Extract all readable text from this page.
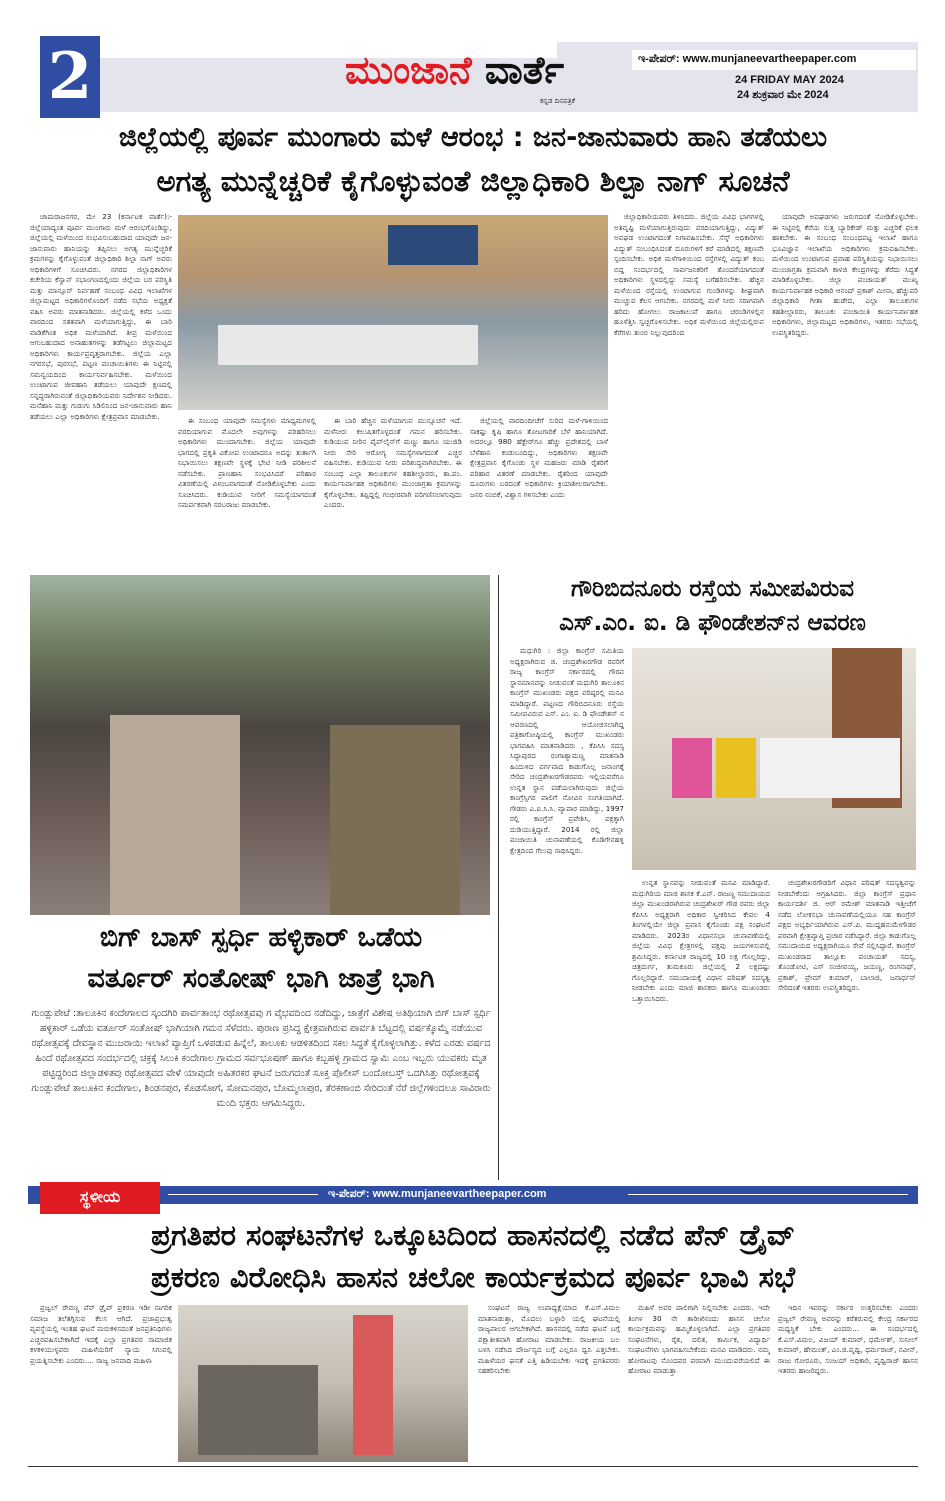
2	ಮುಂಜಾನೆ ವಾರ್ತೆ
ಕನ್ನಡ ದಿನಪತ್ರಿಕೆ
ಇ-ಪೇಪರ್: www.munjaneevartheepaper.com
24 FRIDAY MAY 2024
24 ಶುಕ್ರವಾರ ಮೇ 2024
ಜಿಲ್ಲೆಯಲ್ಲಿ ಪೂರ್ವ ಮುಂಗಾರು ಮಳೆ ಆರಂಭ : ಜನ-ಜಾನುವಾರು ಹಾನಿ ತಡೆಯಲು
ಅಗತ್ಯ ಮುನ್ನೆಚ್ಚರಿಕೆ ಕೈಗೊಳ್ಳುವಂತೆ ಜಿಲ್ಲಾಧಿಕಾರಿ ಶಿಲ್ಪಾ ನಾಗ್ ಸೂಚನೆ

ಚಾಮರಾಜನಗರ, ಮೇ 23 (ಕರ್ನಾಟಕ ವಾರ್ತೆ):- ಜಿಲ್ಲೆಯಾದ್ಯಂತ ಪೂರ್ವ ಮುಂಗಾರು ಮಳೆ ಆರಂಭಗೊಂಡಿದ್ದು, ಜಿಲ್ಲೆಯಲ್ಲಿ ಮಳೆಯಿಂದ ಸಂಭವಿಸುಬಹುದಾದ ಯಾವುದೇ ಜನ-ಜಾನುವಾರು ಹಾನಿಯನ್ನು ತಪ್ಪಿಸಲು ಅಗತ್ಯ ಮುನ್ನೆಚ್ಚರಿಕೆ ಕ್ರಮಗಳನ್ನು ಕೈಗೊಳ್ಳುವಂತೆ ಜಿಲ್ಲಾಧಿಕಾರಿ ಶಿಲ್ಪಾ ನಾಗ್ ಅವರು ಅಧಿಕಾರಿಗಳಿಗೆ ಸೂಚಿಸಿದರು. ನಗರದ ಜಿಲ್ಲಾಧಿಕಾರಿಗಳ ಕಚೇರಿಯ ಕೆಸ್ವಾನ್ ಸಭಾಂಗಣದಲ್ಲಿಂದು ಜಿಲ್ಲೆಯ ಬರ ಪರಿಸ್ಥಿತಿ ಮತ್ತು ಮಾನ್ಸೂನ್ ನಿರ್ವಹಣೆ ಸಂಬಂಧ ವಿವಿಧ ಇಲಾಖೆಗಳ ಜಿಲ್ಲಾಮಟ್ಟದ ಅಧಿಕಾರಿಗಳೊಂದಿಗೆ ನಡೆದ ಸಭೆಯ ಅಧ್ಯಕ್ಷತೆ ವಹಿಸಿ ಅವರು ಮಾತನಾಡಿದರು. ಜಿಲ್ಲೆಯಲ್ಲಿ ಕಳೆದ ಒಂದು ವಾರದಿಂದ ಸತತವಾಗಿ ಮಳೆಯಾಗುತ್ತಿದ್ದು, ಈ ಬಾರಿ ವಾಡಿಕೆಗಿಂತ ಅಧಿಕ ಮಳೆಯಾಗಿದೆ. ತೀವ್ರ ಮಳೆಯಿಂದ ಆಗುಬಹುದಾದ ಅನಾಹುತಗಳನ್ನು ತಡೆಗಟ್ಟಲು ಜಿಲ್ಲಾಮಟ್ಟದ ಅಧಿಕಾರಿಗಳು ಕಾರ್ಯಪ್ರವೃತ್ತರಾಗಬೇಕು. ಜಿಲ್ಲೆಯ ಎಲ್ಲಾ ನಗರಸಭೆ, ಪುರಸಭೆ, ಪಟ್ಟಣ ಪಂಚಾಯಿತಿಗಳು ಈ ನಿಟ್ಟಿನಲ್ಲಿ ಸಮನ್ವಯದಿಂದ ಕಾರ್ಯನಿರ್ವಹಿಸಬೇಕು. ಮಳೆಯಿಂದ ಉಂಟಾಗುವ ಜೀವಹಾನಿ ತಡೆಯಲು ಯಾವುದೇ ಕ್ಷಣದಲ್ಲಿ ಸನ್ನದ್ಧರಾಗಿರುವಂತೆ ಜಿಲ್ಲಾಧಿಕಾರಿಯವರು ನಿರ್ದೇಶನ ನೀಡಿದರು. ಮನೆಹಾನಿ ಮತ್ತು ಗುಡುಗು ಸಿಡಿಲಿನಿಂದ ಜನ-ಜಾನುವಾರು ಹಾನಿ ತಡೆಯಲು ಎಲ್ಲಾ ಅಧಿಕಾರಿಗಳು ಕ್ಷೇತ್ರಪ್ರವಾಸ ಮಾಡಬೇಕು.	ಈ ಸಂಬಂಧ ಯಾವುದೇ ಸಮಸ್ಯೆಗಳು ಮಾಧ್ಯಮಗಳಲ್ಲಿ ವರದಿಯಾಗುವ ಮೊದಲೇ ಅವುಗಳನ್ನು ಪರಿಹರಿಸಲು ಅಧಿಕಾರಿಗಳು ಮುಂದಾಗಬೇಕು. ಜಿಲ್ಲೆಯ ಯಾವುದೇ ಭಾಗದಲ್ಲಿ ಪ್ರಕೃತಿ ವಿಕೋಪ ಉಂಟಾದರೂ ಅದನ್ನು ತುರ್ತಾಗಿ ನಿಭಾಯಿಸಲು ತಕ್ಷಣವೇ ಸ್ಥಳಕ್ಕೆ ಭೇಟಿ ನೀಡಿ ಪರಿಶೀಲನೆ ನಡೆಸಬೇಕು. ಪ್ರಾಣಹಾನಿ ಸಂಭವಿಸಿದರೆ ಪರಿಹಾರ ವಿತರಣೆಯಲ್ಲಿ ವಿಳಂಬವಾಗದಂತೆ ನೋಡಿಕೊಳ್ಳಬೇಕು ಎಂದು ಸೂಚಿಸಿದರು. ಕುಡಿಯುವ ನೀರಿಗೆ ಸಮಸ್ಯೆಯಾಗದಂತೆ ಸಮರ್ಪಕವಾಗಿ ಸರಬರಾಜು ಮಾಡಬೇಕು.

ಈ ಬಾರಿ ಹೆಚ್ಚಿನ ಮಳೆಯಾಗುವ ಮುನ್ಸೂಚನೆ ಇದೆ. ಮಳೆನೀರು ಕಲುಷಿತಗೊಳ್ಳದಂತೆ ಗಮನ ಹರಿಸಬೇಕು. ಕುಡಿಯುವ ನೀರಿನ ಪೈಪ್‌ಲೈನ್‌ಗೆ ಮಣ್ಣು ಹಾಗೂ ಯುಜಿಡಿ ನೀರು ಸೇರಿ ಆರೋಗ್ಯ ಸಮಸ್ಯೆಗಳಾಗದಂತೆ ಎಚ್ಚರ ವಹಿಸಬೇಕು. ಕುಡಿಯುವ ನೀರು ಪರಿಶುದ್ಧವಾಗಿರಬೇಕು. ಈ ಸಂಬಂಧ ಎಲ್ಲಾ ತಾಲೂಕುಗಳ ತಹಶೀಲ್ದಾರರು, ತಾ.ಪಂ. ಕಾರ್ಯನಿರ್ವಾಹಕ ಅಧಿಕಾರಿಗಳು ಮುಂಜಾಗ್ರತಾ ಕ್ರಮಗಳನ್ನು ಕೈಗೊಳ್ಳಬೇಕು. ತಪ್ಪಿದ್ದಲ್ಲಿ ಗಂಭೀರವಾಗಿ ಪರಿಗಣಿಸಲಾಗುವುದು ಎಂದರು.

ಜಿಲ್ಲೆಯಲ್ಲಿ ವಾರದಿಂದೀಚೆಗೆ ಸುರಿದ ಮಳೆ-ಗಾಳಿಯಿಂದ ಸಾಕಷ್ಟು ಕೃಷಿ ಹಾಗೂ ತೋಟಗಾರಿಕೆ ಬೆಳೆ ಹಾನಿಯಾಗಿದೆ. ಅದರಲ್ಲೂ 980 ಹೆಕ್ಟೇರ್‌ಗೂ ಹೆಚ್ಚು ಪ್ರದೇಶದಲ್ಲಿ ಬಾಳೆ ಬೆಳೆಹಾನಿ ಕಂಡುಬಂದಿದ್ದು, ಅಧಿಕಾರಿಗಳು ತಕ್ಷಣವೇ ಕ್ಷೇತ್ರಪ್ರವಾಸ ಕೈಗೊಂಡು ಸ್ಥಳ ಮಹಜರು ಮಾಡಿ ರೈತರಿಗೆ ಪರಿಹಾರ ವಿತರಣೆ ಮಾಡಬೇಕು. ರೈತರಿಂದ ಯಾವುದೇ ದೂರುಗಳು ಬರದಂತೆ ಅಧಿಕಾರಿಗಳು ಕ್ರಿಯಾಶೀಲರಾಗಬೇಕು. ಜನರ ನಂಬಿಕೆ, ವಿಶ್ವಾಸ ಗಳಿಸಬೇಕು ಎಂದು

ಜಿಲ್ಲಾಧಿಕಾರಿಯವರು ತಿಳಿಸಿದರು. ಜಿಲ್ಲೆಯ ವಿವಿಧ ಭಾಗಗಳಲ್ಲಿ ಅತಿವೃಷ್ಟಿ ಮಳೆಯಾಗುತ್ತಿರುವುದು ವರದಿಯಾಗುತ್ತಿದ್ದು, ವಿದ್ಯುತ್ ಅವಘಡ ಉಂಟಾಗದಂತೆ ನಿಗಾವಹಿಸಬೇಕು. ಸೆಸ್ಕ್ ಅಧಿಕಾರಿಗಳು ವಿದ್ಯುತ್ ಸಂಬಂಧಿಸಿದಂತೆ ದೂರುಗಳಿಗೆ ಕರೆ ಮಾಡಿದಲ್ಲಿ ತಕ್ಷಣವೇ ಸ್ಪಂದಿಸಬೇಕು. ಅಧಿಕ ಮಳೆಗಾಳಿಯಿಂದ ರಸ್ತೆಗಳಲ್ಲಿ ವಿದ್ಯುತ್ ಕಂಬ ಬಿದ್ದ ಸಂದರ್ಭದಲ್ಲಿ ಸಾರ್ವಜನಿಕರಿಗೆ ತೊಂದರೆಯಾಗದಂತೆ ಅಧಿಕಾರಿಗಳು ಸ್ಥಳದಲ್ಲಿದ್ದು ಸಮಸ್ಯೆ ಬಗೆಹರಿಸಬೇಕು. ಹೆಚ್ಚಿನ ಮಳೆಯಿಂದ ರಸ್ತೆಯಲ್ಲಿ ಉಂಟಾಗುವ ಗುಂಡಿಗಳನ್ನು ಶೀಘ್ರವಾಗಿ ಮುಚ್ಚುವ ಕೆಲಸ ಆಗಬೇಕು. ನಗರದಲ್ಲಿ ಮಳೆ ನೀರು ಸರಾಗವಾಗಿ ಹರಿದು ಹೋಗಲು ರಾಜಕಾಲುವೆ ಹಾಗೂ ಚರಂಡಿಗಳಲ್ಲಿನ ಹೂಳೆತ್ತಿಸಿ ಸ್ವಚ್ಛಗೊಳಿಸಬೇಕು. ಅಧಿಕ ಮಳೆಯಿಂದ ಜಿಲ್ಲೆಯಲ್ಲಿರುವ ಕೆರೆಗಳು ತುಂಬಿ ನಿಲ್ಲುವುದರಿಂದ

ಯಾವುದೇ ಅವಘಡಗಳು ಜರುಗದಂತೆ ನೋಡಿಕೊಳ್ಳಬೇಕು. ಈ ನಿಟ್ಟಿನಲ್ಲಿ ಕೆರೆಯ ಸುತ್ತ ಬ್ಯಾರಿಕೇಡ್ ಮತ್ತು ಎಚ್ಚರಿಕೆ ಫಲಕ ಹಾಕಬೇಕು. ಈ ಸಂಬಂಧ ಸಂಬಂಧಪಟ್ಟ ಇಲಾಖೆ ಹಾಗೂ ಭೂವಿಜ್ಞಾನ ಇಲಾಖೆಯ ಅಧಿಕಾರಿಗಳು ಕ್ರಮವಹಿಸಬೇಕು. ಮಳೆಯಿಂದ ಉಂಟಾಗುವ ಪ್ರವಾಹ ಪರಿಸ್ಥಿತಿಯನ್ನು ನಿಭಾಯಿಸಲು ಮುಂಜಾಗ್ರತಾ ಕ್ರಮವಾಗಿ ಕಾಳಜಿ ಕೇಂದ್ರಗಳನ್ನು ತೆರೆದು ಸಿದ್ಧತೆ ಮಾಡಿಕೊಳ್ಳಬೇಕು. ಜಿಲ್ಲಾ ಪಂಚಾಯತ್ ಮುಖ್ಯ ಕಾರ್ಯನಿರ್ವಾಹಕ ಅಧಿಕಾರಿ ಆನಂದ್ ಪ್ರಕಾಶ್ ಮೀನಾ, ಹೆಚ್ಚುವರಿ ಜಿಲ್ಲಾಧಿಕಾರಿ ಗೀತಾ ಹುಡೇದ, ಎಲ್ಲಾ ತಾಲೂಕುಗಳ ತಹಶೀಲ್ದಾರರು, ತಾಲೂಕು ಪಂಚಾಯಿತಿ ಕಾರ್ಯನಿರ್ವಾಹಕ ಅಧಿಕಾರಿಗಳು, ಜಿಲ್ಲಾಮಟ್ಟದ ಅಧಿಕಾರಿಗಳು, ಇತರರು ಸಭೆಯಲ್ಲಿ ಉಪಸ್ಥಿತರಿದ್ದರು.

ಬಿಗ್ ಬಾಸ್ ಸ್ಪರ್ಧಿ ಹಳ್ಳಿಕಾರ್ ಒಡೆಯ
ವರ್ತೂರ್ ಸಂತೋಷ್ ಭಾಗಿ ಜಾತ್ರೆ ಭಾಗಿ

ಗುಂಡ್ಲುಪೇಟೆ :ತಾಲೂಕಿನ ಕಂದೇಗಾಲದ ಸ್ಕಂದಗಿರಿ ಪಾರ್ವತಾಂಭ ರಥೋತ್ಸವವು ಗ ವೈಭವದಿಂದ ನಡೆದಿದ್ದು, ಜಾತ್ರೆಗೆ ವಿಶೇಷ ಅತಿಥಿಯಾಗಿ ಬಿಗ್ ಬಾಸ್ ಸ್ಪರ್ಧಿ ಹಳ್ಳಿಕಾರ್ ಒಡೆಯ ವರ್ತೂರ್ ಸಂತೋಷ್ ಭಾಗಿಯಾಗಿ ಗಮನ ಸೆಳೆದರು. ಪುರಾಣ ಪ್ರಸಿದ್ಧ ಕ್ಷೇತ್ರವಾಗಿರುವ ಪಾರ್ವತಿ ಬೆಟ್ಟದಲ್ಲಿ ವರ್ಷಕ್ಕೊಮ್ಮೆ ನಡೆಯುವ ರಥೋತ್ಸವಕ್ಕೆ ದೇವಸ್ಥಾನ ಮುಜರಾಯಿ ಇಲಾಖೆ ವ್ಯಾಪ್ತಿಗೆ ಒಳಪಡುವ ಹಿನ್ನೆಲೆ, ತಾಲೂಕು ಆಡಳಿತದಿಂದ ಸಕಲ ಸಿದ್ಧತೆ ಕೈಗೊಳ್ಳಲಾಗಿತ್ತು. ಕಳೆದ ಎರಡು ವರ್ಷದ ಹಿಂದೆ ರಥೋತ್ಸವದ ಸಂದರ್ಭದಲ್ಲಿ ಚಕ್ರಕ್ಕೆ ಸಿಲುಕಿ ಕಂದೇಗಾಲ ಗ್ರಾಮದ ಸರ್ವಭೂಷಣ್ ಹಾಗೂ ಕಬ್ಬಹಳ್ಳಿ ಗ್ರಾಮದ ಸ್ವಾಮಿ ಎಂಬ ಇಬ್ಬರು ಯುವಕರು ಮೃತ ಪಟ್ಟಿದ್ದರಿಂದ ಜಿಲ್ಲಾಡಳಿತವು ರಥೋತ್ಸವದ ವೇಳೆ ಯಾವುದೇ ಅಹಿತರಕರ ಘಟನೆ ಜರುಗದಂತೆ ಸೂಕ್ತ ಪೊಲೀಸ್ ಬಂದೋಬಸ್ತ್ ಒದಗಿಸಿತ್ತು ರಥೋತ್ಸವಕ್ಕೆ ಗುಂಡ್ಲುಪೇಟೆ ತಾಲೂಕಿನ ಕಂದೇಗಾಲ, ಶಿಂಡನಪುರ, ಕೊಡಸೋಗೆ, ಸೋಮನಪುರ, ಬೊಮ್ಮಲಾಪುರ, ತೆರಕಣಾಂಬಿ ಸೇರಿದಂತೆ ನೆರೆ ಜಿಲ್ಲೆಗಳಿಂದಲೂ ಸಾವಿರಾರು ಮಂದಿ ಭಕ್ತರು ಆಗಮಿಸಿದ್ದರು.

ಗೌರಿಬಿದನೂರು ರಸ್ತೆಯ ಸಮೀಪವಿರುವ
ಎಸ್.ಎಂ. ಐ. ಡಿ ಫೌಂಡೇಶನ್‌ನ ಆವರಣ

ಮಧುಗಿರಿ : ಜಿಲ್ಲಾ ಕಾಂಗ್ರೆಸ್ ಸಮಿತಿಯ ಅಧ್ಯಕ್ಷರಾಗಿರುವ ಜಿ. ಚಂದ್ರಶೇಖರಗೌಡ ರವರಿಗೆ ರಾಜ್ಯ ಕಾಂಗ್ರೆಸ್ ಸರ್ಕಾರದಲ್ಲಿ ಗೌರವ ಸ್ಥಾನಮಾನವನ್ನು ನೀಡುವಂತೆ ಮಧುಗಿರಿ ತಾಲೂಕಿನ ಕಾಂಗ್ರೆಸ್ ಮುಖಂಡರು ಪಕ್ಷದ ವರಿಷ್ಠರಲ್ಲಿ ಮನವಿ ಮಾಡಿದ್ದಾರೆ. ಪಟ್ಟಣದ ಗೌರಿಬಿದನೂರು ರಸ್ತೆಯ ಸಮೀಪವಿರುವ ಎಸ್. ಎಂ. ಐ. ಡಿ ಫೌಂಡೇಶನ್ ನ ಆವರಣದಲ್ಲಿ ಆಯೋಜಿಸಲಾಗಿದ್ದ ಪತ್ರಿಕಾಗೋಷ್ಠಿಯಲ್ಲಿ ಕಾಂಗ್ರೆಸ್ ಮುಖಂಡರು ಭಾಗವಹಿಸಿ ಮಾತನಾಡಿದರು , ಕೆಪಿಸಿಸಿ ಸದಸ್ಯ ಸಿದ್ದಾಪುರದ ರಂಗಾಶ್ಯಾಮಣ್ಣ ಮಾತನಾಡಿ ಹಿಂದುಳಿದ ವರ್ಗವಾದ ಕಾಡುಗೊಲ್ಲ ಜನಾಂಗಕ್ಕೆ ಸೇರಿದ ಚಂದ್ರಶೇಖರಗೌಡರವರು ಇಲ್ಲಿಯವರೆಗೂ ಉನ್ನತ ಸ್ಥಾನ ಪಡೆಯಲಾಗಿರುವುದು ಜಿಲ್ಲೆಯ ಕಾಂಗ್ರೆಸ್ಸಿಗರ ಪಾಲಿಗೆ ನೋವಿನ ಸಂಗತಿಯಾಗಿದೆ. ಗೌಡರು ಎ.ಐ.ಸಿ.ಸಿ. ವ್ಯಾಪಾರ ಮಾಡಿದ್ದು, 1997 ರಲ್ಲಿ ಕಾಂಗ್ರೆಸ್ ಪ್ರವೇಶಿಸಿ, ಪಕ್ಷಕ್ಕಾಗಿ ದುಡಿಯುತ್ತಿದ್ದಾರೆ. 2014 ರಲ್ಲಿ ಜಿಲ್ಲಾ ಪಂಚಾಯಿತಿ ಚುನಾವಣೆಯಲ್ಲಿ ಕೊಡಿಗೇನಹಳ್ಳಿ ಕ್ಷೇತ್ರದಿಂದ ಗೆಲುವು ಸಾಧಿಸಿದ್ದರು.

ಉನ್ನತ ಸ್ಥಾನವನ್ನು ನೀಡುವಂತೆ ಮನವಿ ಮಾಡಿದ್ದಾರೆ. ಮಧುಗಿರಿಯ ಮಾಜಿ ಶಾಸಕ ಕೆ.ಎನ್. ರಾಜಣ್ಣ ಸಮುದಾಯದ ಜಿಲ್ಲಾ ಮುಖಂಡರಾಗಿರುವ ಚಂದ್ರಶೇಖರ್ ಗೌಡ ರವರು ಜಿಲ್ಲಾ ಕೆಪಿಸಿಸಿ ಅಧ್ಯಕ್ಷರಾಗಿ ಅಧಿಕಾರ ಸ್ವೀಕರಿಸಿದ ಕೇವಲ 4 ತಿಂಗಳಲ್ಲಿಯೇ ಜಿಲ್ಲಾ ಪ್ರವಾಸ ಕೈಗೊಂಡು ಪಕ್ಷ ಸಂಘಟನೆ ಮಾಡಿದರು. 2023ರ ವಿಧಾನಸಭಾ ಚುನಾವಣೆಯಲ್ಲಿ ಜಿಲ್ಲೆಯ ವಿವಿಧ ಕ್ಷೇತ್ರಗಳಲ್ಲಿ ಪಕ್ಷವು ಜಯಗಳಿಸುವಲ್ಲಿ ಶ್ರಮಿಸಿದ್ದರು. ಕರ್ನಾಟಕ ರಾಜ್ಯದಲ್ಲಿ 10 ಲಕ್ಷ ಗೊಲ್ಲರಿದ್ದು, ಚಿತ್ರದುರ್ಗ, ತುಮಕೂರು ಜಿಲ್ಲೆಯಲ್ಲಿ 2 ಲಕ್ಷದಷ್ಟು ಗೊಲ್ಲರಿದ್ದಾರೆ. ಸಮುದಾಯಕ್ಕೆ ವಿಧಾನ ಪರಿಷತ್ ಸದಸ್ಯತ್ವ ನೀಡಬೇಕು ಎಂದು ಮಾಜಿ ಶಾಸಕರು ಹಾಗೂ ಮುಖಂಡರು ಒತ್ತಾಯಿಸಿದರು.

ಚಂದ್ರಶೇಖರಗೌಡರಿಗೆ ವಿಧಾನ ಪರಿಷತ್ ಸದಸ್ಯತ್ವವನ್ನು ನೀಡಬೇಕೆಂದು ಆಗ್ರಹಿಸಿದರು. ಜಿಲ್ಲಾ ಕಾಂಗ್ರೆಸ್ ಪ್ರಧಾನ ಕಾರ್ಯದರ್ಶಿ ಜಿ. ಆರ್ ರಮೇಶ್ ಮಾತನಾಡಿ ಇತ್ತೀಚೆಗೆ ನಡೆದ ಲೋಕಸಭಾ ಚುನಾವಣೆಯಲ್ಲಿಯೂ ಸಹ ಕಾಂಗ್ರೆಸ್ ಪಕ್ಷದ ಅಭ್ಯರ್ಥಿಯಾಗಿರುವ ಎಸ್.ಪಿ. ಮುದ್ದಹನುಮೇಗೌಡರ ಪರವಾಗಿ ಕ್ಷೇತ್ರವ್ಯಾಪ್ತಿ ಪ್ರಚಾರ ನಡೆಸಿದ್ದಾರೆ. ಜಿಲ್ಲಾ ಕಾಡುಗೊಲ್ಲ ಸಮುದಾಯದ ಅಧ್ಯಕ್ಷರಾಗಿಯೂ ಸೇವೆ ಸಲ್ಲಿಸಿದ್ದಾರೆ. ಕಾಂಗ್ರೆಸ್ ಮುಖಂಡರಾದ ತಾಲ್ಲೂಕು ಪಂಚಾಯತ್ ಸದಸ್ಯ, ತೊಂಡೋಟಿ, ಎಸ್ ಸಂಜೀವಯ್ಯ, ಜಯಣ್ಣ, ರಂಗನಾಥ್, ಪ್ರಕಾಶ್, ಪ್ರೇಮ್ ಕುಮಾರ್, ಬಾಲಾಜಿ, ಜನಾರ್ಧನ್ ಸೇರಿದಂತೆ ಇತರರು ಉಪಸ್ಥಿತರಿದ್ದರು.

ಇ-ಪೇಪರ್: www.munjaneevartheepaper.com
ಸ್ಥಳೀಯ
ಪ್ರಗತಿಪರ ಸಂಘಟನೆಗಳ ಒಕ್ಕೂಟದಿಂದ ಹಾಸನದಲ್ಲಿ ನಡೆದ ಪೆನ್ ಡ್ರೈವ್
ಪ್ರಕರಣ ವಿರೋಧಿಸಿ ಹಾಸನ ಚಲೋ ಕಾರ್ಯಕ್ರಮದ ಪೂರ್ವ ಭಾವಿ ಸಭೆ

ಪ್ರಜ್ವಲ್ ರೇವಣ್ಣ ಪೆನ್ ಡ್ರೈವ್ ಪ್ರಕರಣ ಇಡೀ ನಾಗರಿಕ ಸಮಾಜ ತಲೆತಗ್ಗಿಸುವ ಕೆಲಸ ಆಗಿದೆ. ಪ್ರಜಾಪ್ರಭುತ್ವ ವ್ಯವಸ್ಥೆಯಲ್ಲಿ ಇಂತಹ ಘಟನೆ ಮರುಕಳಿಸದಂತೆ ಜನಪ್ರತಿನಿಧಿಗಳು ಎಚ್ಚರವಹಿಸಬೇಕಾಗಿದೆ ಇದಕ್ಕೆ ಎಲ್ಲಾ ಪ್ರಗತಿಪರ ಸಾಮಾಜಿಕ ಕಳಕಳಿಯುಳ್ಳವರು ಮಹಿಳೆಯರಿಗೆ ನ್ಯಾಯ ಸಿಗುವಲ್ಲಿ ಪ್ರಯತ್ನಿಸಬೇಕು ಎಂದರು.... ರಾಜ್ಯ ಜನವಾದಿ ಮಹಿಳಾ

ಸಂಘಟನೆ ರಾಜ್ಯ ಉಪಾಧ್ಯಕ್ಷೆಯಾದ ಕೆ.ಎಸ್.ವಿಮಲ ಮಾತನಾಡುತ್ತಾ, ಮೊದಲು ಬಳ್ಳಾರಿ ಯಲ್ಲಿ ಘಟನೆಯಲ್ಲಿ ರಾಜ್ಯಪಾಲರ ಆಗಬೇಕಾಗಿದೆ. ಹಾಸನದಲ್ಲಿ ನಡೆದ ಘಟನೆ ಬಗ್ಗೆ ಪಕ್ಷಾತೀತವಾಗಿ ಹೋರಾಟ ಮಾಡಬೇಕು. ರಾಜಕೀಯ ಬಲ ಬಳಸಿ ನಡೆಸಿದ ದೌರ್ಜನ್ಯದ ಬಗ್ಗೆ ಎಲ್ಲರೂ ಧ್ವನಿ ಎತ್ತಬೇಕು. ಮಹಿಳೆಯರ ಘನತೆ ಎತ್ತಿ ಹಿಡಿಯಬೇಕು ಇದಕ್ಕೆ ಪ್ರಗತಿಪರರು ಸಹಕರಿಸಬೇಕು

ಮಹಿಳೆ ಅವರ ಪಾಲಿಗಾಗಿ ನಿಲ್ಲಿಸಬೇಕು ಎಂದರು. ಇದೇ ತಿಂಗಳ 30 ನೇ ತಾರೀಖಿನಂದು ಹಾಸನ ಚಲೋ ಕಾರ್ಯಕ್ರಮವನ್ನು ಹಮ್ಮಿಕೊಳ್ಳಲಾಗಿದೆ. ಎಲ್ಲಾ ಪ್ರಗತಿಪರ ಸಂಘಟನೆಗಳು, ರೈತ, ದಲಿತ, ಕಾರ್ಮಿಕ, ವಿದ್ಯಾರ್ಥಿ ಸಂಘಟನೆಗಳು ಭಾಗವಹಿಸಬೇಕೆಂದು ಮನವಿ ಮಾಡಿದರು. ನಮ್ಮ ಹೋರಾಟವು ನೊಂದವರ ಪರವಾಗಿ ಮುಂದುವರೆಯಲಿದೆ ಈ ಹೋರಾಟ ಮಾಡುತ್ತಾ

ಇದಿನ ಇವರನ್ನು ಸರ್ಕಾರ ಉತ್ತರಿಸಬೇಕು ಎಂದರು ಪ್ರಜ್ವಲ್ ರೇವಣ್ಣ ಅವರನ್ನು ಕರೆತರುವಲ್ಲಿ ಕೇಂದ್ರ ಸರ್ಕಾರದ ಮಧ್ಯಸ್ಥಿಕೆ ಬೇಕು ಎಂದರು... ಈ ಸಂದರ್ಭದಲ್ಲಿ ಕೆ.ಎಸ್.ವಿಮಲ, ವಿಜಯ್ ಕುಮಾರ್, ಧರ್ಮೇಶ್, ಸುನೀಲ್ ಕುಮಾರ್, ಹೇಮಂತ್, ಎಂ.ಜಿ.ಪೃಥ್ವಿ, ಧರ್ಮರಾಜ್, ನವೀನ್, ರಾಜು ಗೋರೂರು, ಸಂಜಯ್ ಅಧಿಕಾರಿ, ಪೃಥ್ವಿರಾಜ್ ಹಾಸನ ಇತರರು ಹಾಜರಿದ್ದರು.
